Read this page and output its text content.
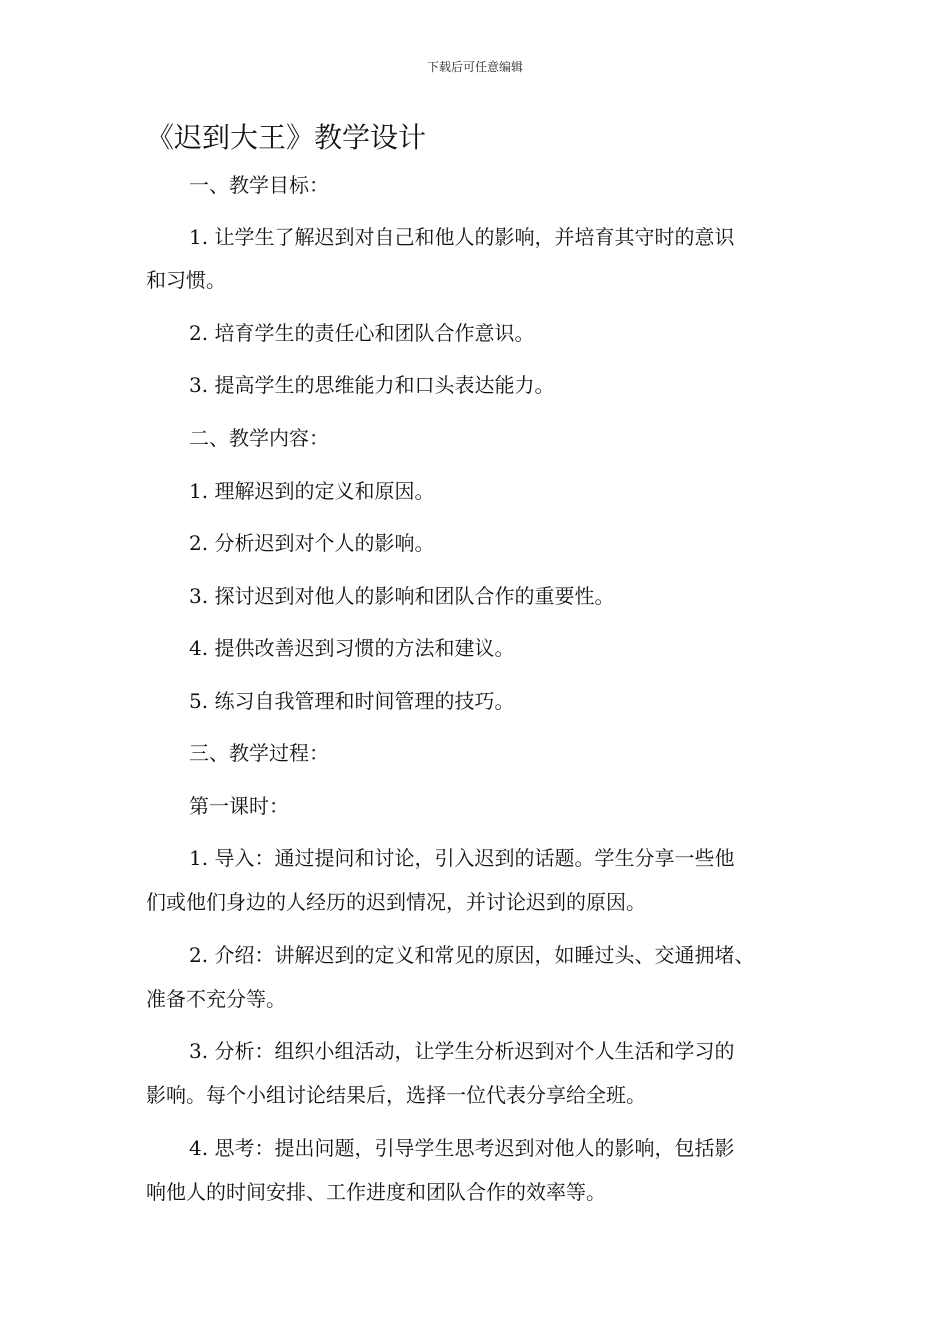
下载后可任意编辑
《迟到大王》教学设计
一、教学目标：
1. 让学生了解迟到对自己和他人的影响，并培育其守时的意识
和习惯。
2. 培育学生的责任心和团队合作意识。
3. 提高学生的思维能力和口头表达能力。
二、教学内容：
1. 理解迟到的定义和原因。
2. 分析迟到对个人的影响。
3. 探讨迟到对他人的影响和团队合作的重要性。
4. 提供改善迟到习惯的方法和建议。
5. 练习自我管理和时间管理的技巧。
三、教学过程：
第一课时：
1. 导入：通过提问和讨论，引入迟到的话题。学生分享一些他
们或他们身边的人经历的迟到情况，并讨论迟到的原因。
2. 介绍：讲解迟到的定义和常见的原因，如睡过头、交通拥堵、
准备不充分等。
3. 分析：组织小组活动，让学生分析迟到对个人生活和学习的
影响。每个小组讨论结果后，选择一位代表分享给全班。
4. 思考：提出问题，引导学生思考迟到对他人的影响，包括影
响他人的时间安排、工作进度和团队合作的效率等。
